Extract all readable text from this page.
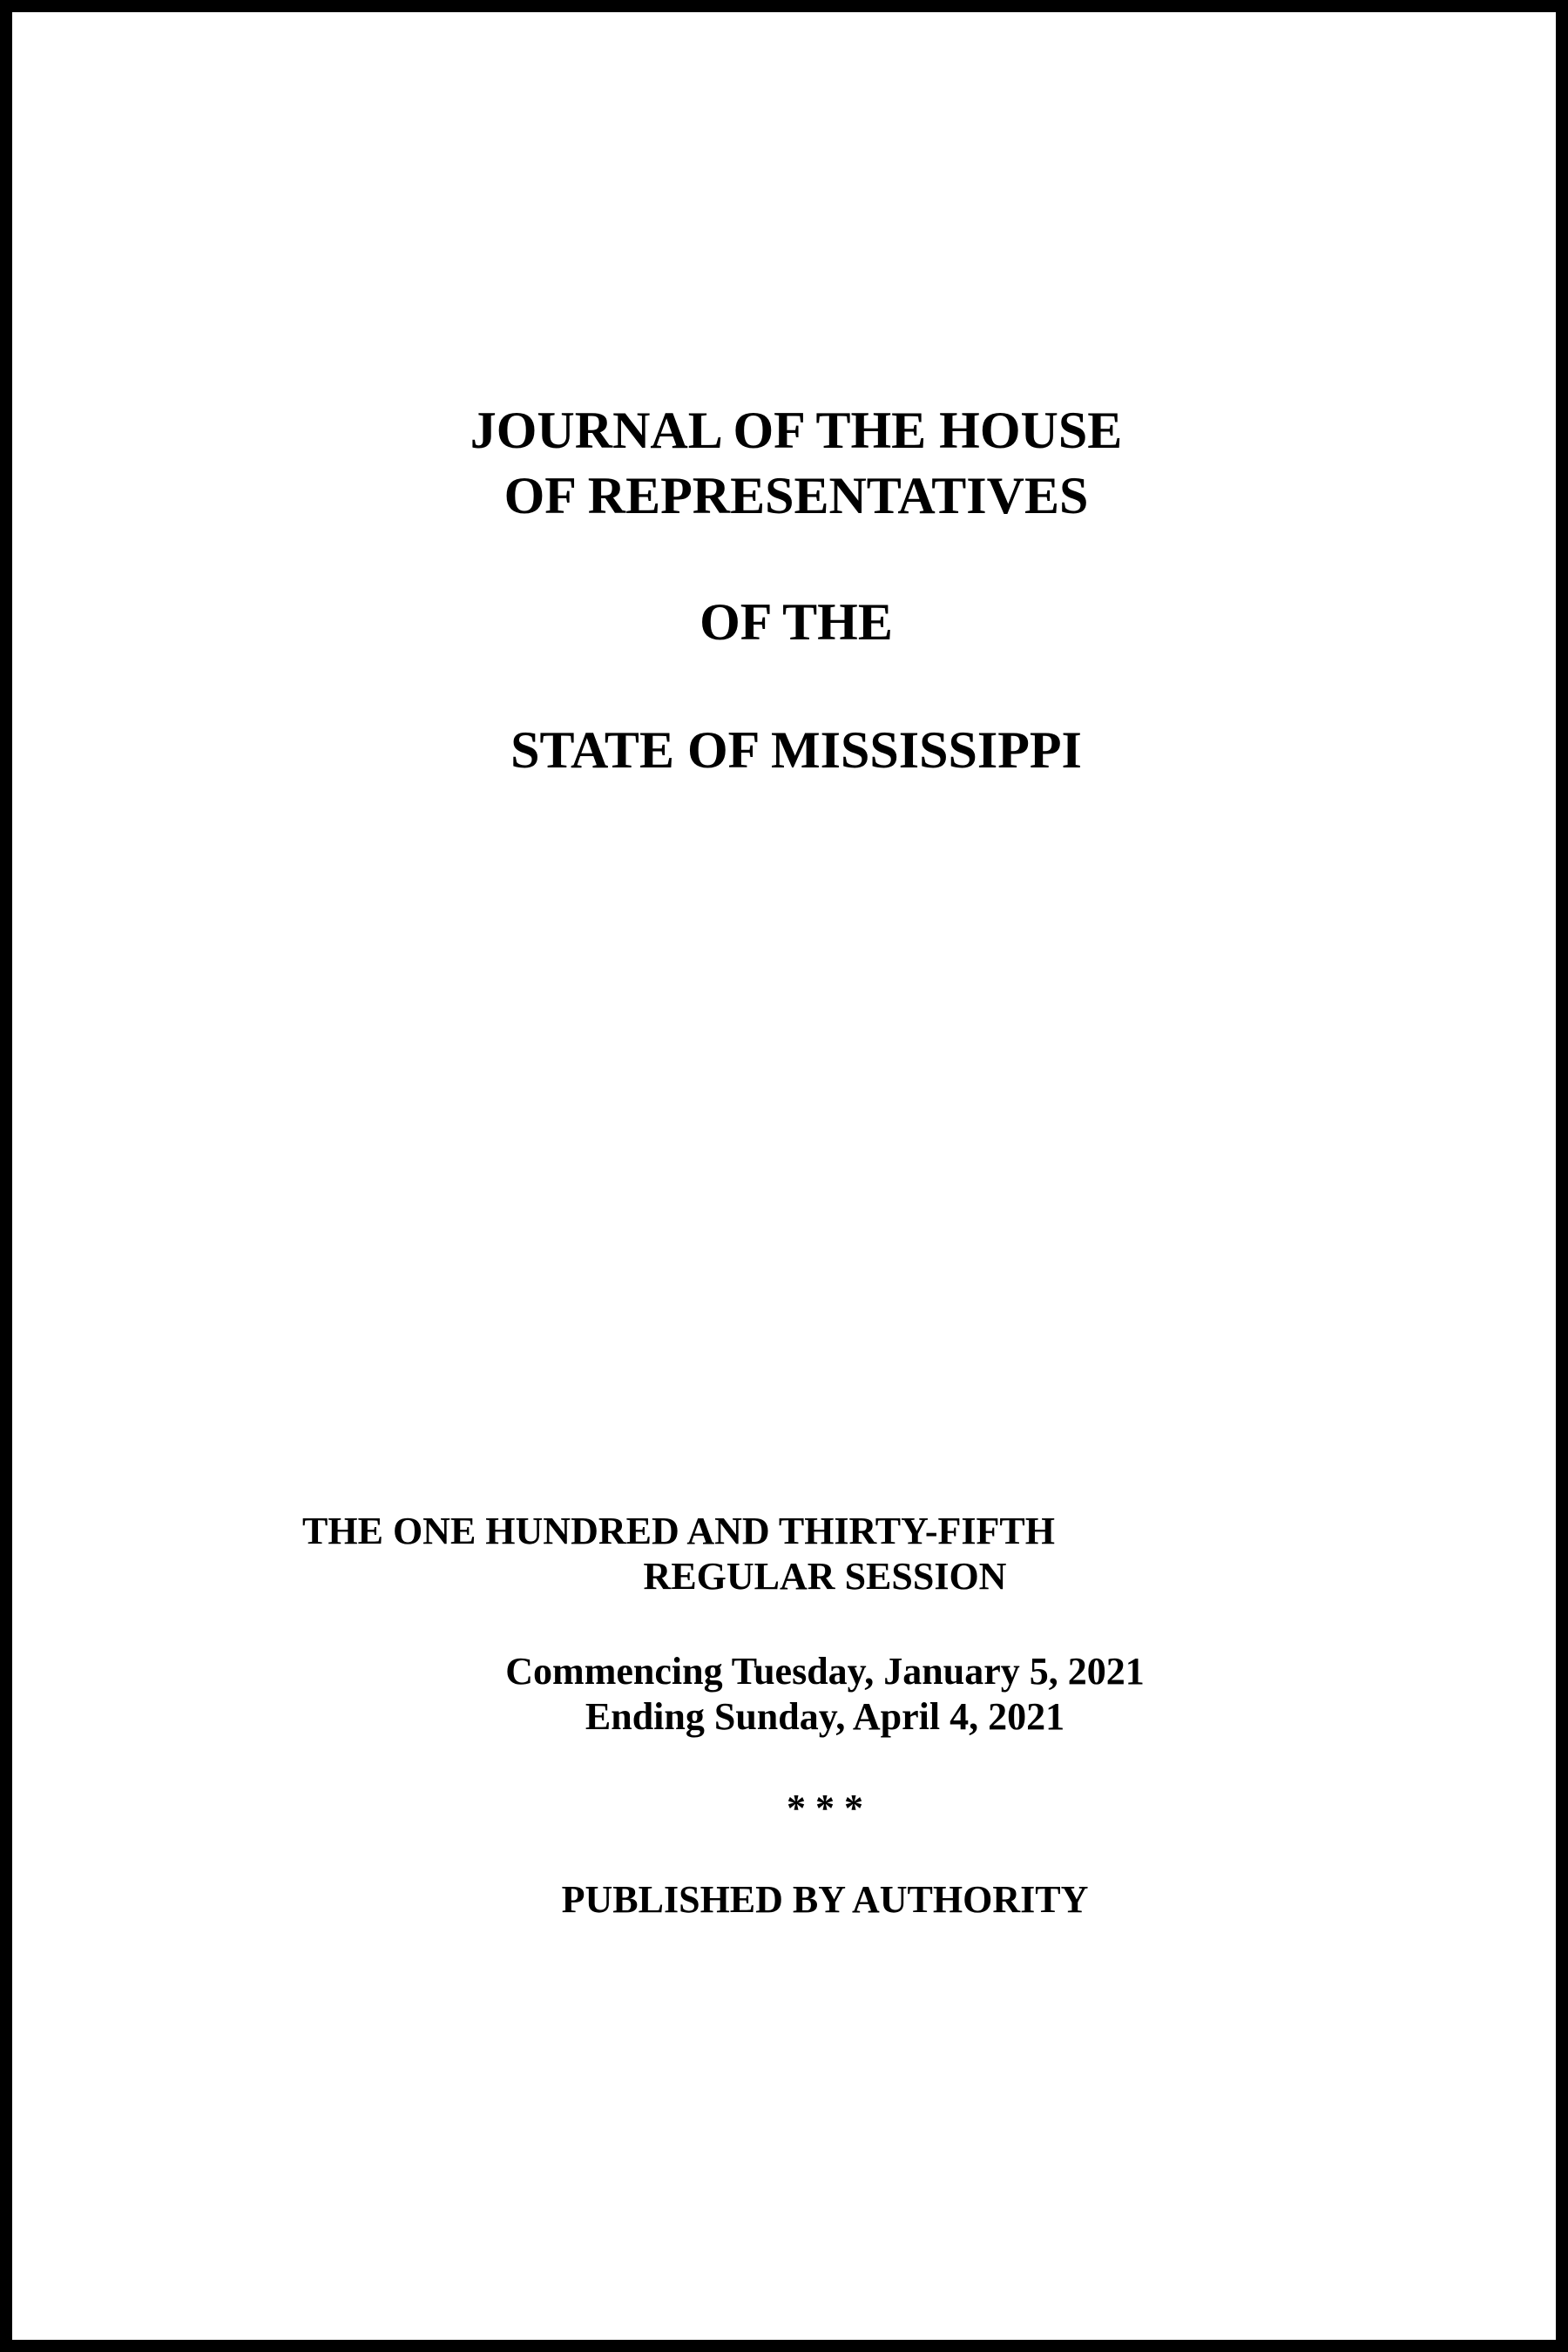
JOURNAL OF THE HOUSE
OF REPRESENTATIVES
OF THE
STATE OF MISSISSIPPI
THE ONE HUNDRED AND THIRTY-FIFTH
REGULAR SESSION
Commencing Tuesday, January 5, 2021
Ending Sunday, April 4, 2021
* * *
PUBLISHED BY AUTHORITY
